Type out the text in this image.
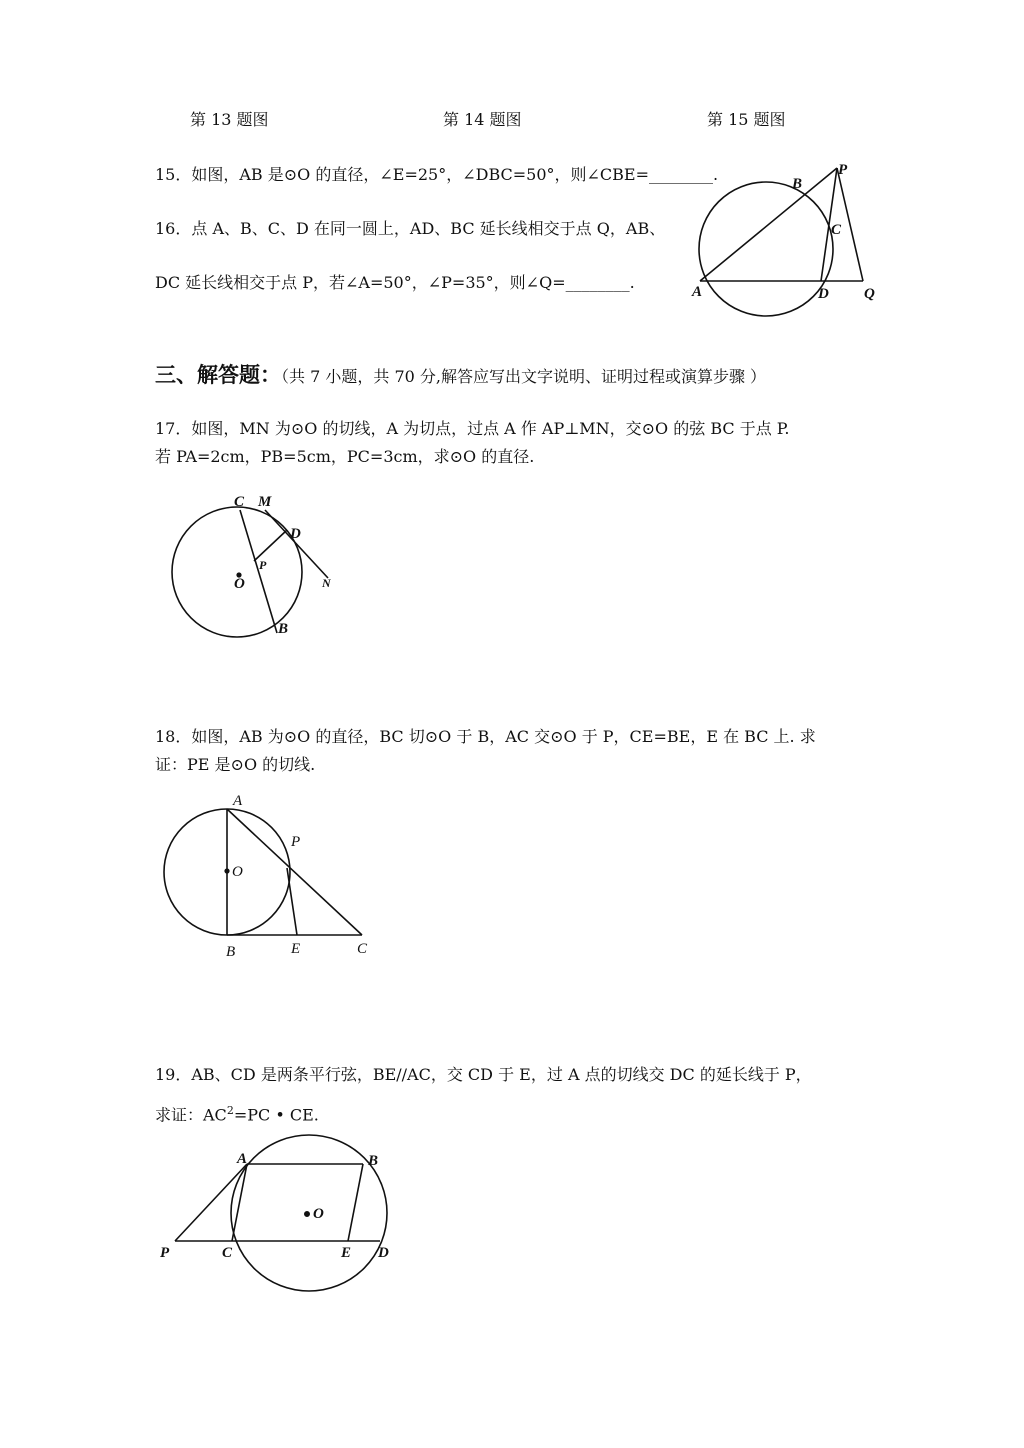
第 13 题图	第 14 题图	第 15 题图
15．如图，AB 是⊙O 的直径，∠E=25°，∠DBC=50°，则∠CBE=________.
16．点 A、B、C、D 在同一圆上，AD、BC 延长线相交于点 Q，AB、
DC 延长线相交于点 P，若∠A=50°，∠P=35°，则∠Q=________.
三、解答题：（共 7 小题，共 70 分,解答应写出文字说明、证明过程或演算步骤 ）
17．如图，MN 为⊙O 的切线，A 为切点，过点 A 作 AP⊥MN，交⊙O 的弦 BC 于点 P.
若 PA=2cm，PB=5cm，PC=3cm，求⊙O 的直径.
18．如图，AB 为⊙O 的直径，BC 切⊙O 于 B，AC 交⊙O 于 P，CE=BE，E 在 BC 上. 求
证：PE 是⊙O 的切线.
19．AB、CD 是两条平行弦，BE//AC，交 CD 于 E，过 A 点的切线交 DC 的延长线于 P，
求证：$AC^2=PC$ • CE.
P
B
C
A	D Q
C M
D
P
O	N
B
A
P
O
B	E	C
A	B
O
P	C	E D
